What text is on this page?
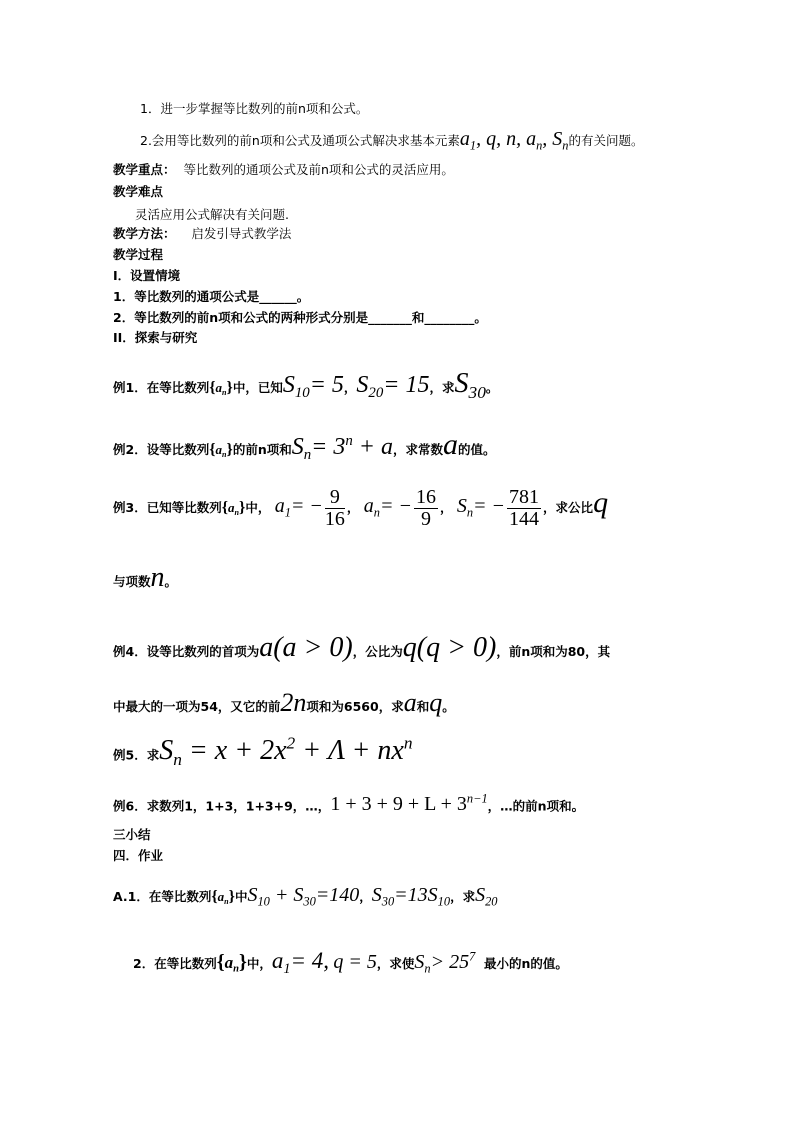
1．进一步掌握等比数列的前n项和公式。
2.会用等比数列的前n项和公式及通项公式解决求基本元素$a_1$, q, n, $a_n$, $S_n$的有关问题。
教学重点： 等比数列的通项公式及前n项和公式的灵活应用。
教学难点
灵活应用公式解决有关问题.
教学方法： 启发引导式教学法
教学过程
I．设置情境
1．等比数列的通项公式是______。
2．等比数列的前n项和公式的两种形式分别是_______和________。
II．探索与研究
例1．在等比数列$\{a_n\}$中，已知$S_{10}= 5$，$S_{20}= 15$，求$S_{30}$。
例2．设等比数列$\{a_n\}$的前n项和$S_n= 3^n + a$，求常数a的值。
例3．已知等比数列$\{a_n\}$中， $a_1= - \frac{9}{16}$ ， $a_n= - \frac{16}{9}$ ， $S_n= - \frac{781}{144}$ ，求公比q
与项数n。
例4．设等比数列的首项为a(a > 0)，公比为q(q > 0)，前n项和为80，其
中最大的一项为54，又它的前2n项和为6560，求a和q。
例5．求$S_n = x + 2x^2 + \Lambda + nx^n$
例6．求数列1，1+3，1+3+9，…，$1 + 3 + 9 + L + 3^{n-1}$，…的前n项和。
三小结
四．作业
A.1．在等比数列$\{a_n\}$中$S_{10} + S_{30}=140$，$S_{30}=13S_{10}$，求$S_{20}$
2．在等比数列$\{a_n\}$中，$a_1= 4$, q = 5，求使$S_n> 25^7$ 最小的n的值。
